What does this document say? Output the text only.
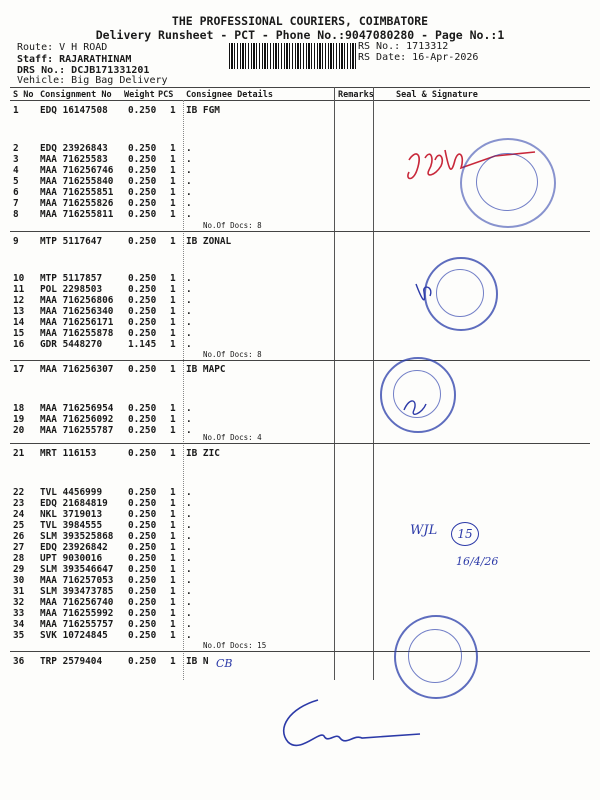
THE PROFESSIONAL COURIERS, COIMBATORE
Delivery Runsheet - PCT - Phone No.:9047080280 - Page No.:1
Route: V H ROAD
Staff: RAJARATHINAM
DRS No.: DCJB171331201
Vehicle: Big Bag Delivery
RS No.: 1713312
RS Date: 16-Apr-2026
S No Consignment No Weight PCS Consignee Details	Remarks	Seal & Signature
1 EDQ 16147508 0.250 1 IB FGM
2 EDQ 23926843 0.250 1 .
3 MAA 71625583 0.250 1 .
4 MAA 716256746 0.250 1 .
5 MAA 716255840 0.250 1 .
6 MAA 716255851 0.250 1 .
7 MAA 716255826 0.250 1 .
8 MAA 716255811 0.250 1 .
No.Of Docs: 8
9 MTP 5117647	0.250 1 IB ZONAL
10 MTP 5117857	0.250 1 .
11 POL 2298503	0.250 1 .
12 MAA 716256806 0.250 1 .
13 MAA 716256340 0.250 1 .
14 MAA 716256171 0.250 1 .
15 MAA 716255878 0.250 1 .
16 GDR 5448270	1.145 1 .
No.Of Docs: 8
17 MAA 716256307 0.250 1 IB MAPC
18 MAA 716256954 0.250 1 .
19 MAA 716256092 0.250 1 .
20 MAA 716255787 0.250 1 .
No.Of Docs: 4
21 MRT 116153	0.250 1 IB ZIC
22 TVL 4456999	0.250 1 .
23 EDQ 21684819 0.250 1 .
24 NKL 3719013	0.250 1 .
25 TVL 3984555	0.250 1 .
26 SLM 393525868 0.250 1 .
27 EDQ 23926842 0.250 1 .
28 UPT 9030016	0.250 1 .
29 SLM 393546647 0.250 1 .
30 MAA 716257053 0.250 1 .
31 SLM 393473785 0.250 1 .
32 MAA 716256740 0.250 1 .
33 MAA 716255992 0.250 1 .
34 MAA 716255757 0.250 1 .
35 SVK 10724845 0.250 1 .
No.Of Docs: 15
36 TRP 2579404	0.250 1 IB N
WJL	15
16/4/26
CB
